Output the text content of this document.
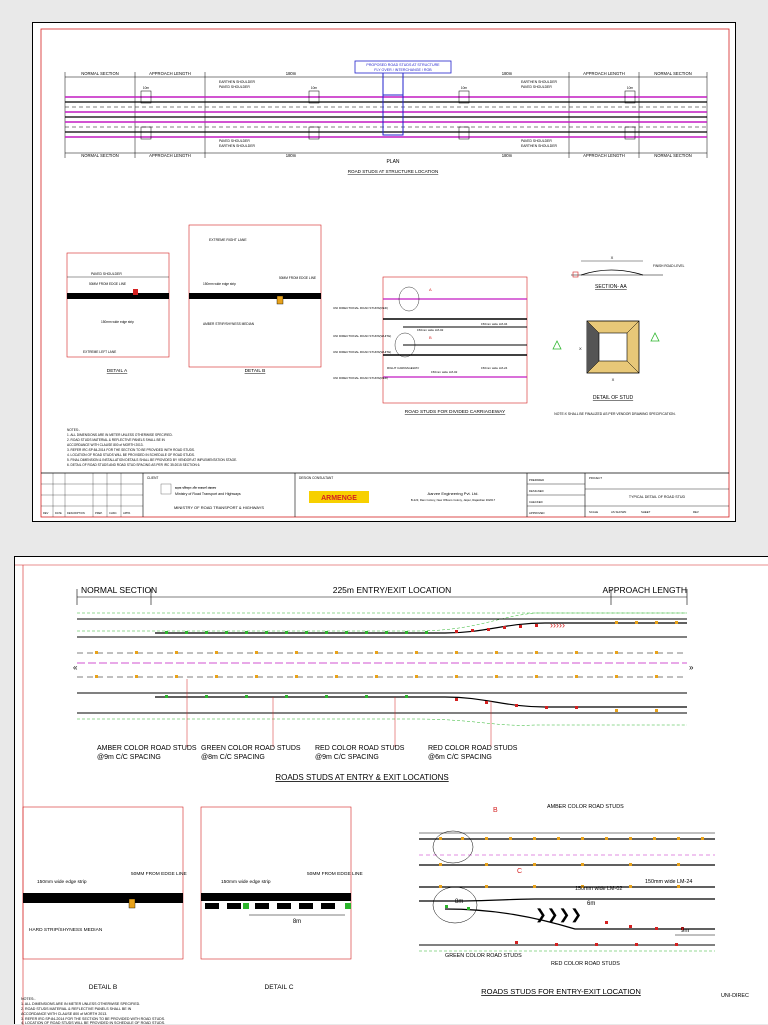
PROPOSED ROAD STUDS AT STRUCTURE
FLY OVER / INTERCHANGE / ROB
NORMAL SECTION	APPROACH LENGTH	180m	180m	APPROACH LENGTH	NORMAL SECTION
10m	10m	10m	10m
EARTHEN SHOULDER
PAVED SHOULDER
PAVED SHOULDER
EARTHEN SHOULDER
EARTHEN SHOULDER
PAVED SHOULDER
PAVED SHOULDER
EARTHEN SHOULDER
NORMAL SECTION	APPROACH LENGTH	180m	180m	APPROACH LENGTH	NORMAL SECTION
PLAN
ROAD STUDS AT STRUCTURE LOCATION
PAVED SHOULDER
50MM FROM EDGE LINE
150mm wide edge strip
EXTREME LEFT LANE
DETAIL A
EXTREME RIGHT LANE
150mm wide edge strip
50MM FROM EDGE LINE
AMBER STRIP/SHYNESS MEDIAN
DETAIL B
A
B
UNI DIRECTIONAL ROAD STUDS(RED)
UNI DIRECTIONAL ROAD STUDS(WHITE)
UNI DIRECTIONAL ROAD STUDS(WHITE)
UNI DIRECTIONAL ROAD STUDS(RED)
RIGHT CARRIAGEWAY
150mm wide LM-02
150mm wide LM-04
150mm wide LM-02
150mm wide LM-24
ROAD STUDS FOR DIVIDED CARRIAGEWAY
X
FINISH ROAD LEVEL
SECTION- AA
X
X
DETAIL OF STUD
NOTE:X SHALL BE FINALIZED AS PER VENDOR DRAWING SPECIFICATION.
NOTES:-
1. ALL DIMENSIONS ARE IN METER UNLESS OTHERWISE SPECIFIED.
2. ROAD STUDS MATERIAL & REFLECTIVE PANELS SHALL BE IN
ACCORDANCE WITH CLAUSE 800 of MORTH 2013.
3. REFER IRC:SP:84-2014 FOR THE SECTION TO BE PROVIDED WITH ROAD STUDS.
4. LOCATION OF ROAD STUDS WILL BE PROVIDED IN SCHEDULE OF ROAD STUDS.
5. FINAL DIMENSION & INSTALLATION DETAILS SHALL BE PROVIDED BY VENDOR AT IMPLEMENTATION STAGE.
6. DETAIL OF ROAD STUDS AND ROAD STUD SPACING AS PER IRC 35:2015 SECTION 6.
REV	DATE DESCRIPTION	PREP.	CHKD. APPR.
CLIENT
सड़क परिवहन और राजमार्ग मंत्रालय
Ministry of Road Transport and Highways
MINISTRY OF ROAD TRANSPORT & HIGHWAYS
DESIGN CONSULTANT
ARMENGE
Aarvee Engineering Pvt. Ltd.
B-223, Ram Colony, New Officers Colony, Jaipur, Rajasthan 302017
PREPARED
DESIGNED
CHECKED
APPROVED
PROJECT
TYPICAL DETAIL OF ROAD STUD
SCALE	AS SHOWN	SHEET	REV
NORMAL SECTION	225m ENTRY/EXIT LOCATION	APPROACH LENGTH
›››››
«	»
AMBER COLOR ROAD STUDS
@9m C/C SPACING
GREEN COLOR ROAD STUDS
@8m C/C SPACING
RED COLOR ROAD STUDS
@9m C/C SPACING
RED COLOR ROAD STUDS
@6m C/C SPACING
ROADS STUDS AT ENTRY & EXIT LOCATIONS
150mm wide edge strip
50MM FROM EDGE LINE
HARD STRIP/SHYNESS MEDIAN
DETAIL B
150mm wide edge strip
50MM FROM EDGE LINE
8m
DETAIL C
❯❯❯❯
B
C
AMBER COLOR ROAD STUDS
150mm wide LM-02
150mm wide LM-24
8m	6m
9m
GREEN COLOR ROAD STUDS
RED COLOR ROAD STUDS
ROADS STUDS FOR ENTRY-EXIT LOCATION	UNI-DIREC
NOTES:-
1. ALL DIMENSIONS ARE IN METER UNLESS OTHERWISE SPECIFIED.
2. ROAD STUDS MATERIAL & REFLECTIVE PANELS SHALL BE IN
ACCORDANCE WITH CLAUSE 800 of MORTH 2013.
3. REFER IRC:SP:84-2014 FOR THE SECTION TO BE PROVIDED WITH ROAD STUDS.
4. LOCATION OF ROAD STUDS WILL BE PROVIDED IN SCHEDULE OF ROAD STUDS.
